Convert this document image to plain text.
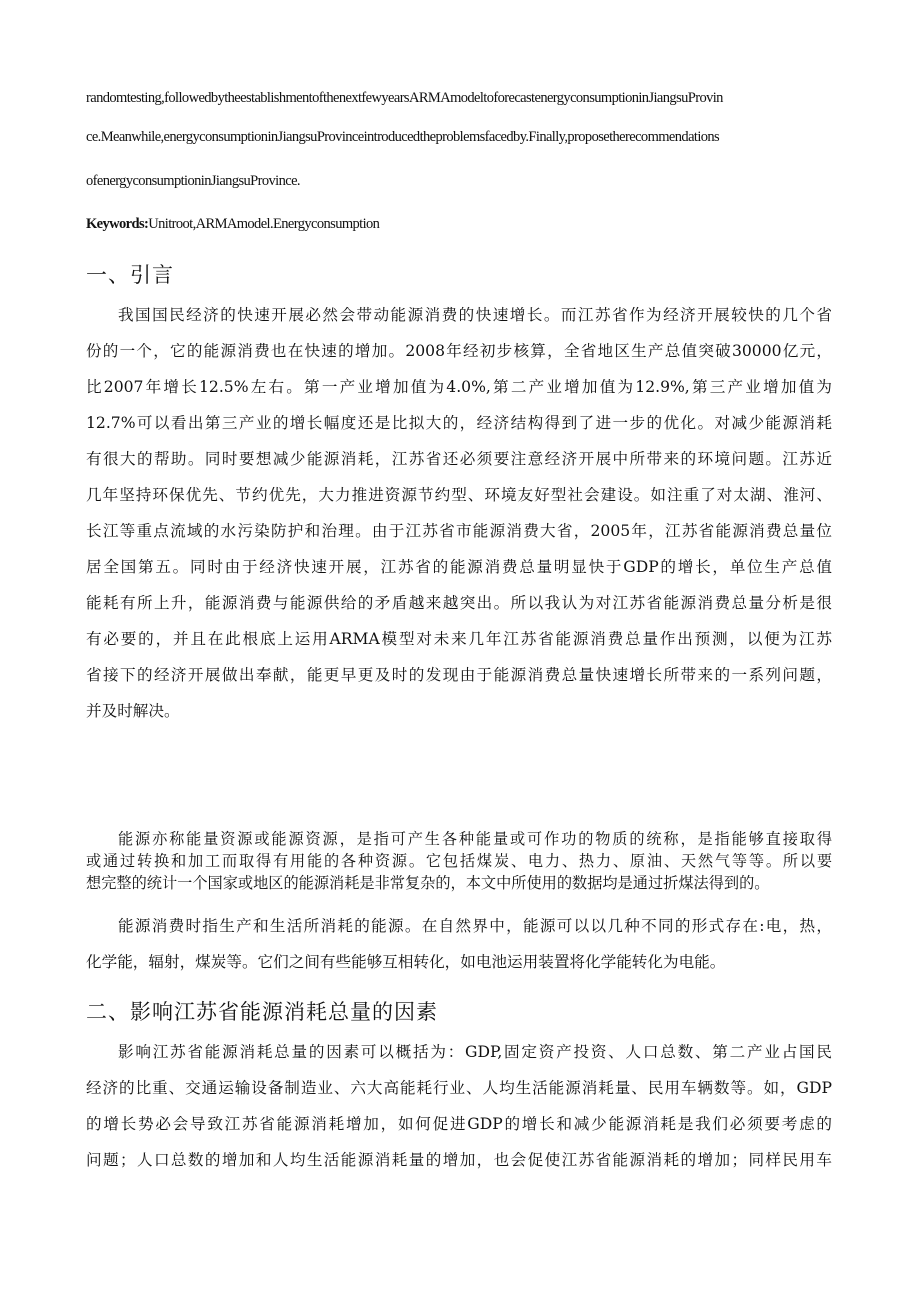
randomtesting,followedbytheestablishmentofthenextfewyearsARMAmodeltoforecastenergyconsumptioninJiangsuProvin
ce.Meanwhile,energyconsumptioninJiangsuProvinceintroducedtheproblemsfacedby.Finally,proposetherecommendations
ofenergyconsumptioninJiangsuProvince.
Keywords:Unitroot,ARMAmodel.Energyconsumption
一、引言
我国国民经济的快速开展必然会带动能源消费的快速增长。而江苏省作为经济开展较快的几个省
份的一个，它的能源消费也在快速的增加。2008年经初步核算，全省地区生产总值突破30000亿元，
比2007年增长12.5%左右。第一产业增加值为4.0%,第二产业增加值为12.9%,第三产业增加值为
12.7%可以看出第三产业的增长幅度还是比拟大的，经济结构得到了进一步的优化。对减少能源消耗
有很大的帮助。同时要想减少能源消耗，江苏省还必须要注意经济开展中所带来的环境问题。江苏近
几年坚持环保优先、节约优先，大力推进资源节约型、环境友好型社会建设。如注重了对太湖、淮河、
长江等重点流域的水污染防护和治理。由于江苏省市能源消费大省，2005年，江苏省能源消费总量位
居全国第五。同时由于经济快速开展，江苏省的能源消费总量明显快于GDP的增长，单位生产总值
能耗有所上升，能源消费与能源供给的矛盾越来越突出。所以我认为对江苏省能源消费总量分析是很
有必要的，并且在此根底上运用ARMA模型对未来几年江苏省能源消费总量作出预测，以便为江苏
省接下的经济开展做出奉献，能更早更及时的发现由于能源消费总量快速增长所带来的一系列问题，
并及时解决。
能源亦称能量资源或能源资源，是指可产生各种能量或可作功的物质的统称，是指能够直接取得
或通过转换和加工而取得有用能的各种资源。它包括煤炭、电力、热力、原油、天然气等等。所以要
想完整的统计一个国家或地区的能源消耗是非常复杂的，本文中所使用的数据均是通过折煤法得到的。
能源消费时指生产和生活所消耗的能源。在自然界中，能源可以以几种不同的形式存在:电，热，
化学能，辐射，煤炭等。它们之间有些能够互相转化，如电池运用装置将化学能转化为电能。
二、影响江苏省能源消耗总量的因素
影响江苏省能源消耗总量的因素可以概括为：GDP,固定资产投资、人口总数、第二产业占国民
经济的比重、交通运输设备制造业、六大高能耗行业、人均生活能源消耗量、民用车辆数等。如，GDP
的增长势必会导致江苏省能源消耗增加，如何促进GDP的增长和减少能源消耗是我们必须要考虑的
问题；人口总数的增加和人均生活能源消耗量的增加，也会促使江苏省能源消耗的增加；同样民用车
